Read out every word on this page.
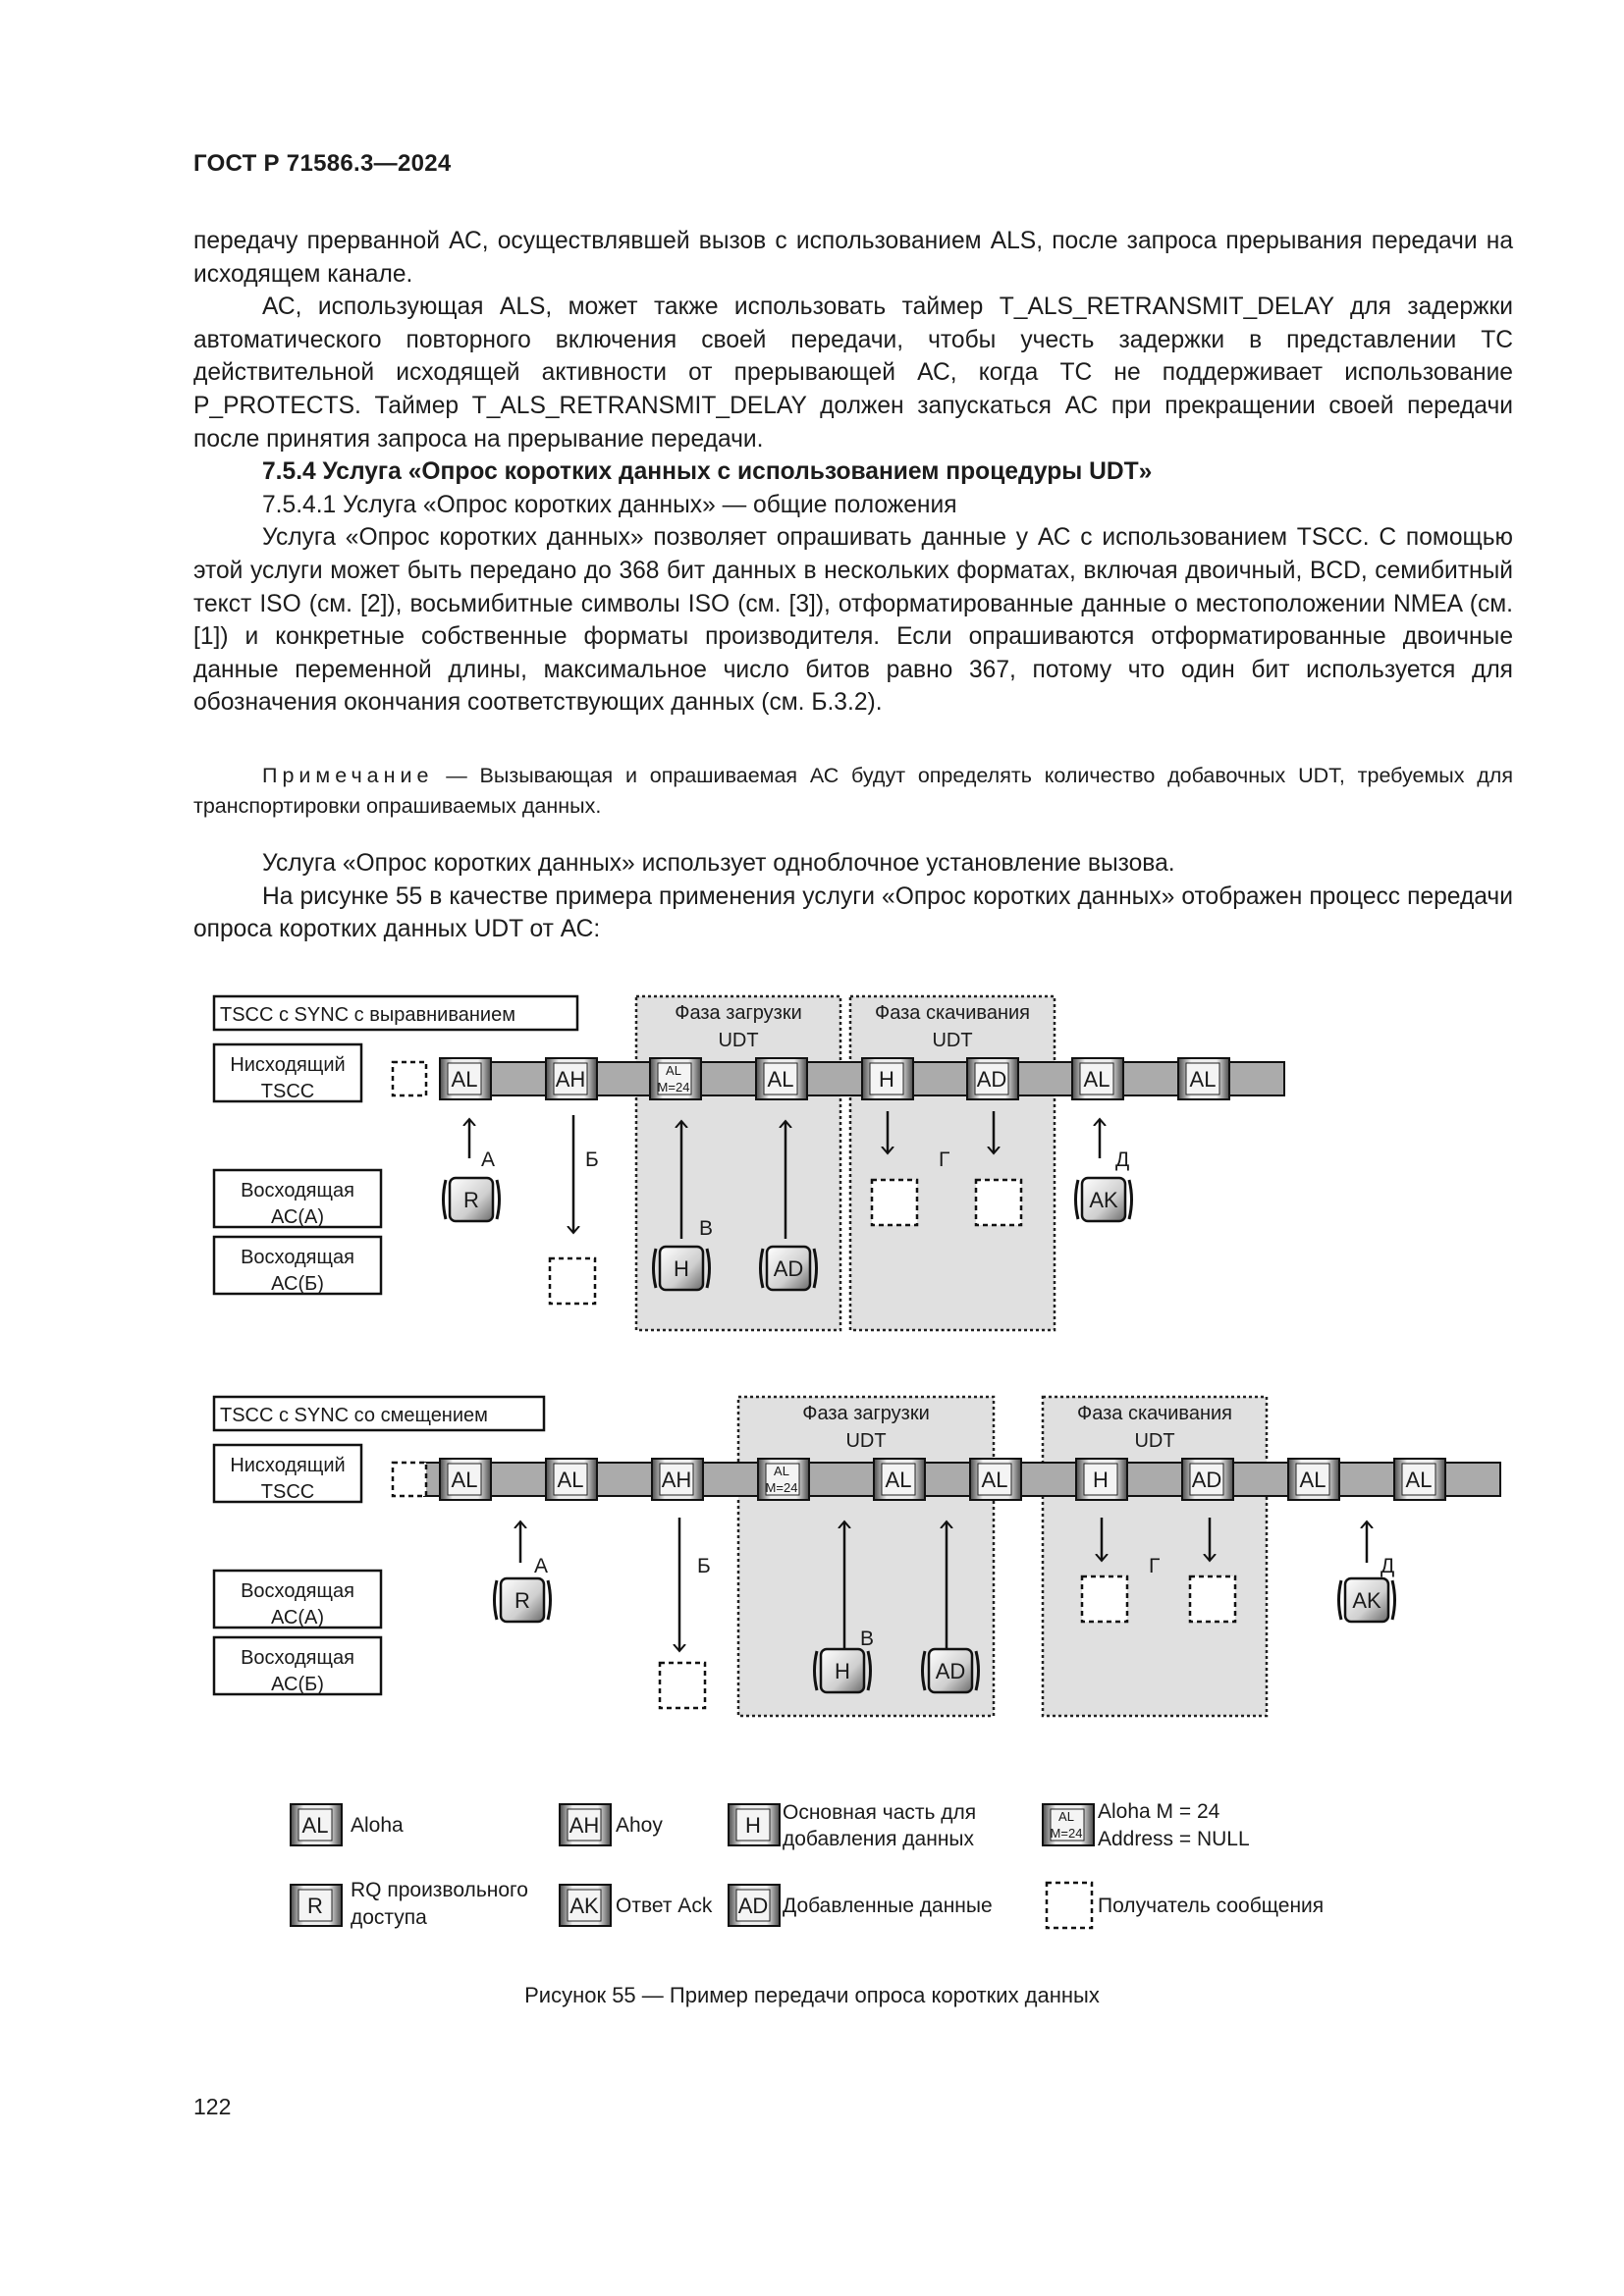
ГОСТ Р 71586.3—2024

передачу прерванной АС, осуществлявшей вызов с использованием ALS, после запроса прерывания передачи на исходящем канале.

АС, использующая ALS, может также использовать таймер T_ALS_RETRANSMIT_DELAY для задержки автоматического повторного включения своей передачи, чтобы учесть задержки в представлении ТС действительной исходящей активности от прерывающей АС, когда ТС не поддерживает использование P_PROTECTS. Таймер T_ALS_RETRANSMIT_DELAY должен запускаться АС при прекращении своей передачи после принятия запроса на прерывание передачи.

7.5.4 Услуга «Опрос коротких данных с использованием процедуры UDT»

7.5.4.1 Услуга «Опрос коротких данных» — общие положения

Услуга «Опрос коротких данных» позволяет опрашивать данные у АС с использованием TSCC. С помощью этой услуги может быть передано до 368 бит данных в нескольких форматах, включая двоичный, BCD, семибитный текст ISO (см. [2]), восьмибитные символы ISO (см. [3]), отформатированные данные о местоположении NMEA (см. [1]) и конкретные собственные форматы производителя. Если опрашиваются отформатированные двоичные данные переменной длины, максимальное число битов равно 367, потому что один бит используется для обозначения окончания соответствующих данных (см. Б.3.2).

Примечание — Вызывающая и опрашиваемая АС будут определять количество добавочных UDT, требуемых для транспортировки опрашиваемых данных.

Услуга «Опрос коротких данных» использует одноблочное установление вызова.

На рисунке 55 в качестве примера применения услуги «Опрос коротких данных» отображен процесс передачи опроса коротких данных UDT от АС:

TSCC с SYNC с выравниванием
Нисходящий
TSCC
Восходящая
АС(А)
Восходящая
АС(Б)
Фаза загрузки
UDT
Фаза скачивания
UDT
AL	AH	AL
M=24	AL	H	AD	AL	AL
R
H	AD
AK
А	Б
В
Г	Д
TSCC с SYNC со смещением
Нисходящий
TSCC
Восходящая
АС(А)
Восходящая
АС(Б)
Фаза загрузки
UDT
Фаза скачивания
UDT
AL	AL	AH	AL
M=24	AL	AL	H	AD	AL	AL
R
H	AD
AK
А	Б
В
Г	Д
AL Aloha	AH Ahoy	H
Основная часть для
добавления данных
AL
M=24
Aloha M = 24
Address = NULL
R
RQ произвольного
доступа	AK Ответ Ack AD Добавленные данные	Получатель сообщения
Рисунок 55 — Пример передачи опроса коротких данных
122
